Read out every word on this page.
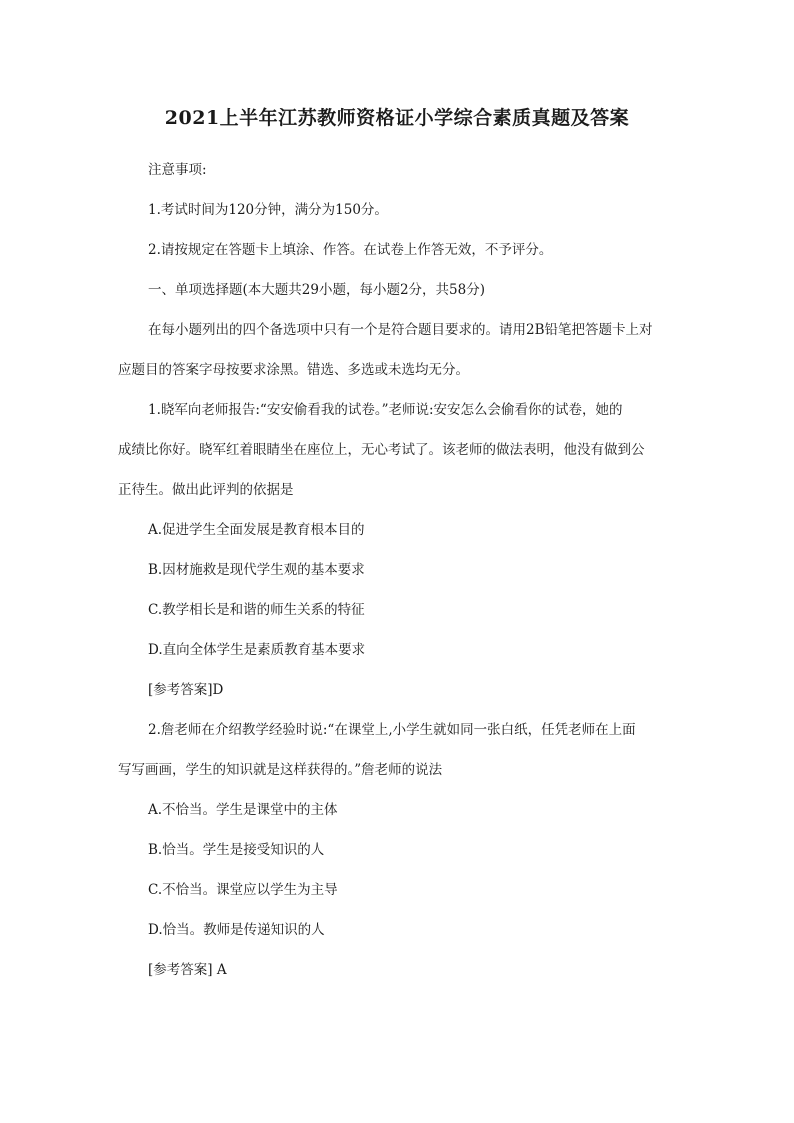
2021上半年江苏教师资格证小学综合素质真题及答案
注意事项:
1.考试时间为120分钟，满分为150分。
2.请按规定在答题卡上填涂、作答。在试卷上作答无效，不予评分。
一、单项选择题(本大题共29小题，每小题2分，共58分)
在每小题列出的四个备选项中只有一个是符合题目要求的。请用2B铅笔把答题卡上对
应题目的答案字母按要求涂黑。错选、多选或未选均无分。
1.晓军向老师报告:“安安偷看我的试卷。”老师说:安安怎么会偷看你的试卷，她的
成绩比你好。晓军红着眼睛坐在座位上，无心考试了。该老师的做法表明，他没有做到公
正待生。做出此评判的依据是
A.促进学生全面发展是教育根本目的
B.因材施救是现代学生观的基本要求
C.教学相长是和谐的师生关系的特征
D.直向全体学生是素质教育基本要求
[参考答案]D
2.詹老师在介绍教学经验时说:“在课堂上,小学生就如同一张白纸，任凭老师在上面
写写画画，学生的知识就是这样获得的。”詹老师的说法
A.不恰当。学生是课堂中的主体
B.恰当。学生是接受知识的人
C.不恰当。课堂应以学生为主导
D.恰当。教师是传递知识的人
[参考答案] A
